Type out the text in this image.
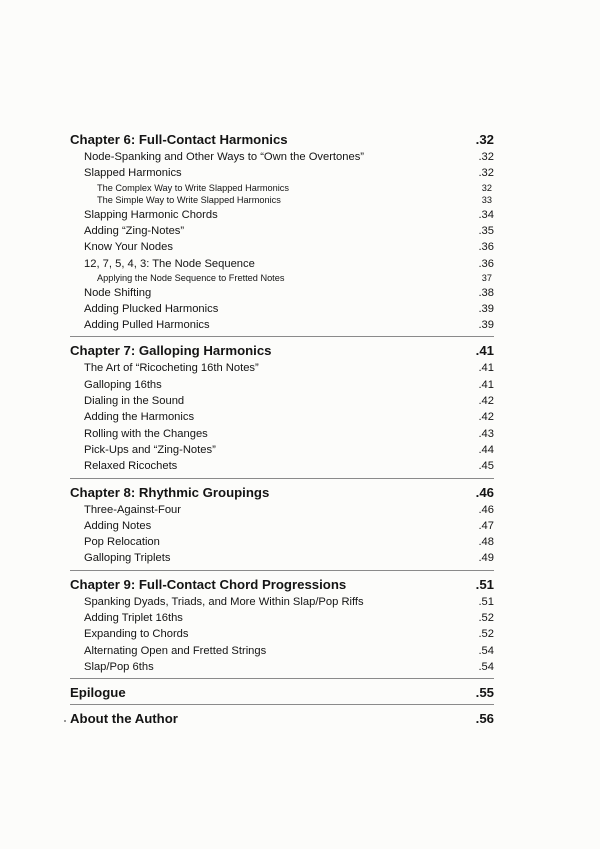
Chapter 6: Full-Contact Harmonics	.32
Node-Spanking and Other Ways to “Own the Overtones”	.32
Slapped Harmonics	.32
The Complex Way to Write Slapped Harmonics	32
The Simple Way to Write Slapped Harmonics	33
Slapping Harmonic Chords	.34
Adding “Zing-Notes”	.35
Know Your Nodes	.36
12, 7, 5, 4, 3: The Node Sequence	.36
Applying the Node Sequence to Fretted Notes	37
Node Shifting	.38
Adding Plucked Harmonics	.39
Adding Pulled Harmonics	.39
Chapter 7: Galloping Harmonics	.41
The Art of “Ricocheting 16th Notes”	.41
Galloping 16ths	.41
Dialing in the Sound	.42
Adding the Harmonics	.42
Rolling with the Changes	.43
Pick-Ups and “Zing-Notes”	.44
Relaxed Ricochets	.45
Chapter 8: Rhythmic Groupings	.46
Three-Against-Four	.46
Adding Notes	.47
Pop Relocation	.48
Galloping Triplets	.49
Chapter 9: Full-Contact Chord Progressions	.51
Spanking Dyads, Triads, and More Within Slap/Pop Riffs	.51
Adding Triplet 16ths	.52
Expanding to Chords	.52
Alternating Open and Fretted Strings	.54
Slap/Pop 6ths	.54
Epilogue	.55
About the Author	.56
